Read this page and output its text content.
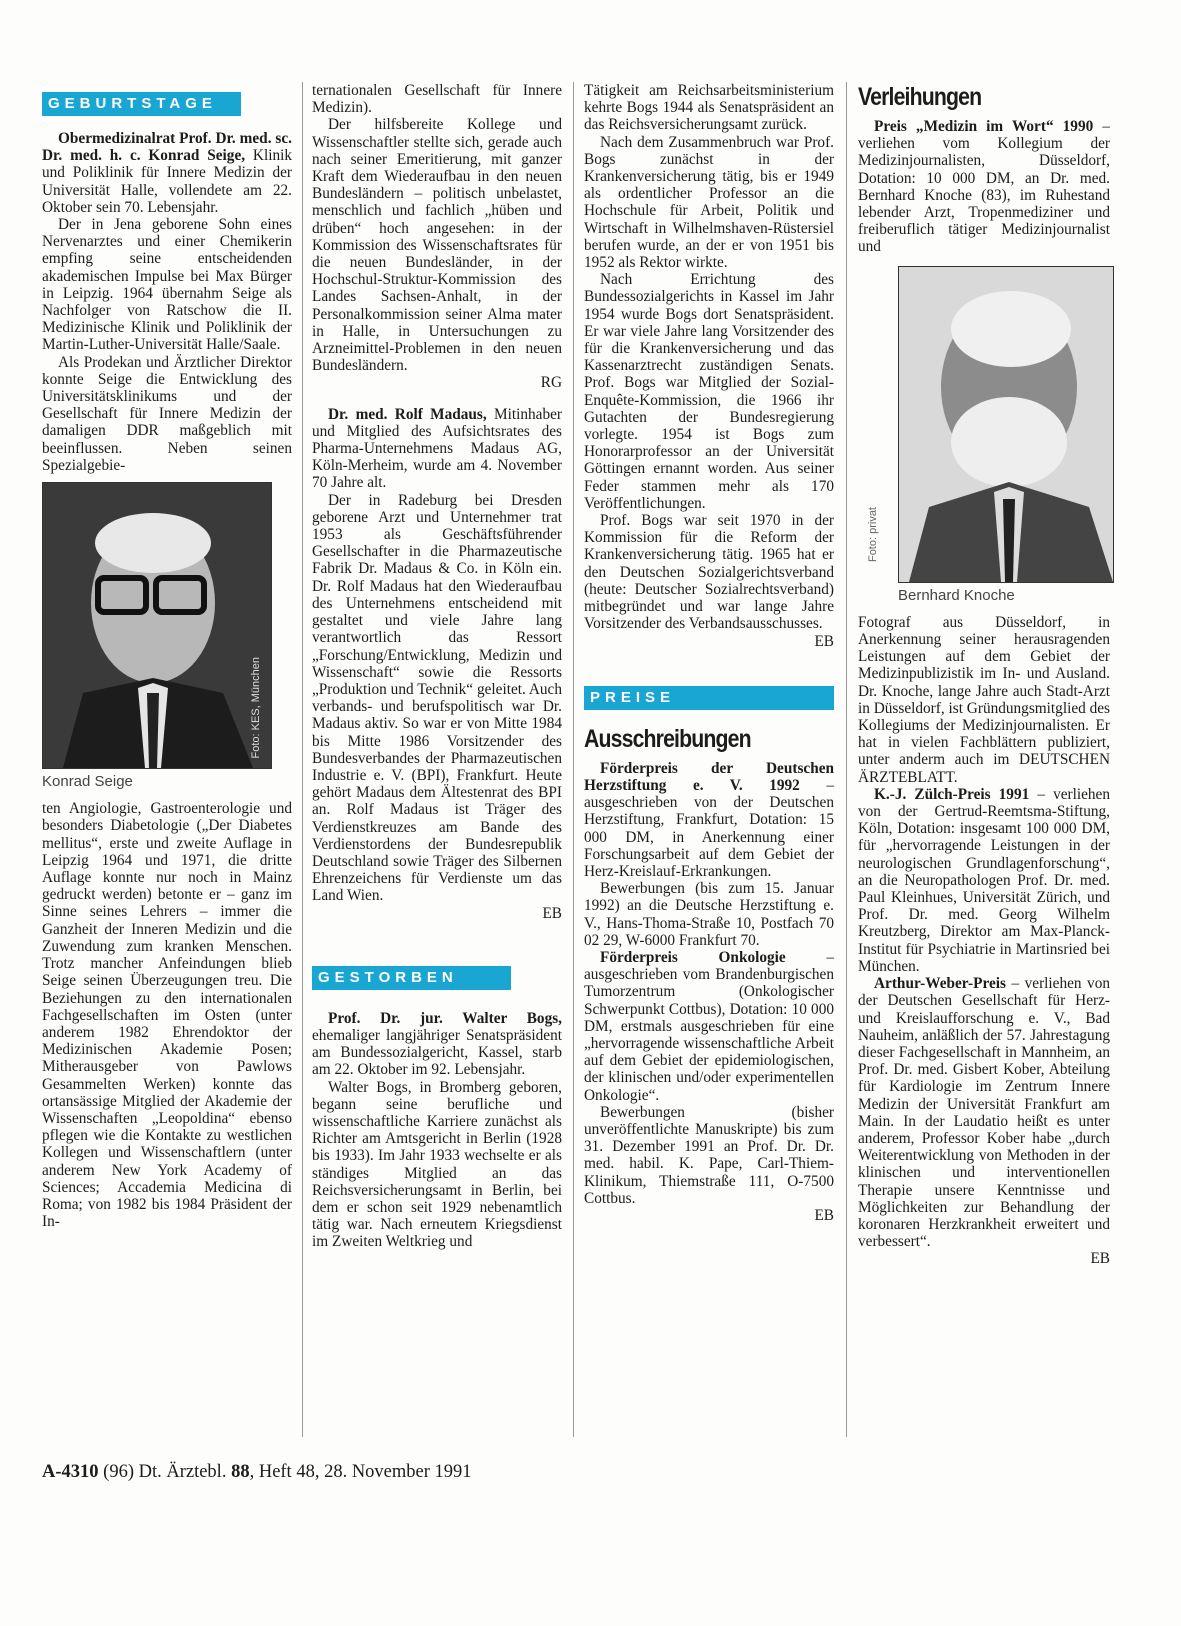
GEBURTSTAGE

Obermedizinalrat Prof. Dr. med. sc. Dr. med. h. c. Konrad Seige, Klinik und Poliklinik für Innere Medizin der Universität Halle, vollendete am 22. Oktober sein 70. Lebensjahr.

Der in Jena geborene Sohn eines Nervenarztes und einer Chemikerin empfing seine entscheidenden akademischen Impulse bei Max Bürger in Leipzig. 1964 übernahm Seige als Nachfolger von Ratschow die II. Medizinische Klinik und Poliklinik der Martin-Luther-Universität Halle/Saale.

Als Prodekan und Ärztlicher Direktor konnte Seige die Entwicklung des Universitätsklinikums und der Gesellschaft für Innere Medizin der damaligen DDR maßgeblich mit beeinflussen. Neben seinen Spezialgebie-

Foto: KES, München
Konrad Seige

ten Angiologie, Gastroenterologie und besonders Diabetologie („Der Diabetes mellitus“, erste und zweite Auflage in Leipzig 1964 und 1971, die dritte Auflage konnte nur noch in Mainz gedruckt werden) betonte er – ganz im Sinne seines Lehrers – immer die Ganzheit der Inneren Medizin und die Zuwendung zum kranken Menschen. Trotz mancher Anfeindungen blieb Seige seinen Überzeugungen treu. Die Beziehungen zu den internationalen Fachgesellschaften im Osten (unter anderem 1982 Ehrendoktor der Medizinischen Akademie Posen; Mitherausgeber von Pawlows Gesammelten Werken) konnte das ortansässige Mitglied der Akademie der Wissenschaften „Leopoldina“ ebenso pflegen wie die Kontakte zu westlichen Kollegen und Wissenschaftlern (unter anderem New York Academy of Sciences; Accademia Medicina di Roma; von 1982 bis 1984 Präsident der In-

ternationalen Gesellschaft für Innere Medizin).

Der hilfsbereite Kollege und Wissenschaftler stellte sich, gerade auch nach seiner Emeritierung, mit ganzer Kraft dem Wiederaufbau in den neuen Bundesländern – politisch unbelastet, menschlich und fachlich „hüben und drüben“ hoch angesehen: in der Kommission des Wissenschaftsrates für die neuen Bundesländer, in der Hochschul-Struktur-Kommission des Landes Sachsen-Anhalt, in der Personalkommission seiner Alma mater in Halle, in Untersuchungen zu Arzneimittel-Problemen in den neuen Bundesländern.
RG

Dr. med. Rolf Madaus, Mitinhaber und Mitglied des Aufsichtsrates des Pharma-Unternehmens Madaus AG, Köln-Merheim, wurde am 4. November 70 Jahre alt.

Der in Radeburg bei Dresden geborene Arzt und Unternehmer trat 1953 als Geschäftsführender Gesellschafter in die Pharmazeutische Fabrik Dr. Madaus & Co. in Köln ein. Dr. Rolf Madaus hat den Wiederaufbau des Unternehmens entscheidend mit gestaltet und viele Jahre lang verantwortlich das Ressort „Forschung/Entwicklung, Medizin und Wissenschaft“ sowie die Ressorts „Produktion und Technik“ geleitet. Auch verbands- und berufspolitisch war Dr. Madaus aktiv. So war er von Mitte 1984 bis Mitte 1986 Vorsitzender des Bundesverbandes der Pharmazeutischen Industrie e. V. (BPI), Frankfurt. Heute gehört Madaus dem Ältestenrat des BPI an. Rolf Madaus ist Träger des Verdienstkreuzes am Bande des Verdienstordens der Bundesrepublik Deutschland sowie Träger des Silbernen Ehrenzeichens für Verdienste um das Land Wien.
EB

GESTORBEN

Prof. Dr. jur. Walter Bogs, ehemaliger langjähriger Senatspräsident am Bundessozialgericht, Kassel, starb am 22. Oktober im 92. Lebensjahr.

Walter Bogs, in Bromberg geboren, begann seine berufliche und wissenschaftliche Karriere zunächst als Richter am Amtsgericht in Berlin (1928 bis 1933). Im Jahr 1933 wechselte er als ständiges Mitglied an das Reichsversicherungsamt in Berlin, bei dem er schon seit 1929 nebenamtlich tätig war. Nach erneutem Kriegsdienst im Zweiten Weltkrieg und

Tätigkeit am Reichsarbeitsministerium kehrte Bogs 1944 als Senatspräsident an das Reichsversicherungsamt zurück.

Nach dem Zusammenbruch war Prof. Bogs zunächst in der Krankenversicherung tätig, bis er 1949 als ordentlicher Professor an die Hochschule für Arbeit, Politik und Wirtschaft in Wilhelmshaven-Rüstersiel berufen wurde, an der er von 1951 bis 1952 als Rektor wirkte.

Nach Errichtung des Bundessozialgerichts in Kassel im Jahr 1954 wurde Bogs dort Senatspräsident. Er war viele Jahre lang Vorsitzender des für die Krankenversicherung und das Kassenarztrecht zuständigen Senats. Prof. Bogs war Mitglied der Sozial-Enquête-Kommission, die 1966 ihr Gutachten der Bundesregierung vorlegte. 1954 ist Bogs zum Honorarprofessor an der Universität Göttingen ernannt worden. Aus seiner Feder stammen mehr als 170 Veröffentlichungen.

Prof. Bogs war seit 1970 in der Kommission für die Reform der Krankenversicherung tätig. 1965 hat er den Deutschen Sozialgerichtsverband (heute: Deutscher Sozialrechtsverband) mitbegründet und war lange Jahre Vorsitzender des Verbandsausschusses.
EB

PREISE
Ausschreibungen

Förderpreis der Deutschen Herzstiftung e. V. 1992 – ausgeschrieben von der Deutschen Herzstiftung, Frankfurt, Dotation: 15 000 DM, in Anerkennung einer Forschungsarbeit auf dem Gebiet der Herz-Kreislauf-Erkrankungen.

Bewerbungen (bis zum 15. Januar 1992) an die Deutsche Herzstiftung e. V., Hans-Thoma-Straße 10, Postfach 70 02 29, W-6000 Frankfurt 70.

Förderpreis Onkologie – ausgeschrieben vom Brandenburgischen Tumorzentrum (Onkologischer Schwerpunkt Cottbus), Dotation: 10 000 DM, erstmals ausgeschrieben für eine „hervorragende wissenschaftliche Arbeit auf dem Gebiet der epidemiologischen, der klinischen und/oder experimentellen Onkologie“.

Bewerbungen (bisher unveröffentlichte Manuskripte) bis zum 31. Dezember 1991 an Prof. Dr. Dr. med. habil. K. Pape, Carl-Thiem-Klinikum, Thiemstraße 111, O-7500 Cottbus.
EB

Verleihungen

Preis „Medizin im Wort“ 1990 – verliehen vom Kollegium der Medizinjournalisten, Düsseldorf, Dotation: 10 000 DM, an Dr. med. Bernhard Knoche (83), im Ruhestand lebender Arzt, Tropenmediziner und freiberuflich tätiger Medizinjournalist und

Foto: privat
Bernhard Knoche

Fotograf aus Düsseldorf, in Anerkennung seiner herausragenden Leistungen auf dem Gebiet der Medizinpublizistik im In- und Ausland. Dr. Knoche, lange Jahre auch Stadt-Arzt in Düsseldorf, ist Gründungsmitglied des Kollegiums der Medizinjournalisten. Er hat in vielen Fachblättern publiziert, unter anderm auch im DEUTSCHEN ÄRZTEBLATT.

K.-J. Zülch-Preis 1991 – verliehen von der Gertrud-Reemtsma-Stiftung, Köln, Dotation: insgesamt 100 000 DM, für „hervorragende Leistungen in der neurologischen Grundlagenforschung“, an die Neuropathologen Prof. Dr. med. Paul Kleinhues, Universität Zürich, und Prof. Dr. med. Georg Wilhelm Kreutzberg, Direktor am Max-Planck-Institut für Psychiatrie in Martinsried bei München.

Arthur-Weber-Preis – verliehen von der Deutschen Gesellschaft für Herz- und Kreislaufforschung e. V., Bad Nauheim, anläßlich der 57. Jahrestagung dieser Fachgesellschaft in Mannheim, an Prof. Dr. med. Gisbert Kober, Abteilung für Kardiologie im Zentrum Innere Medizin der Universität Frankfurt am Main. In der Laudatio heißt es unter anderem, Professor Kober habe „durch Weiterentwicklung von Methoden in der klinischen und interventionellen Therapie unsere Kenntnisse und Möglichkeiten zur Behandlung der koronaren Herzkrankheit erweitert und verbessert“.
EB

A-4310 (96) Dt. Ärztebl. 88, Heft 48, 28. November 1991
